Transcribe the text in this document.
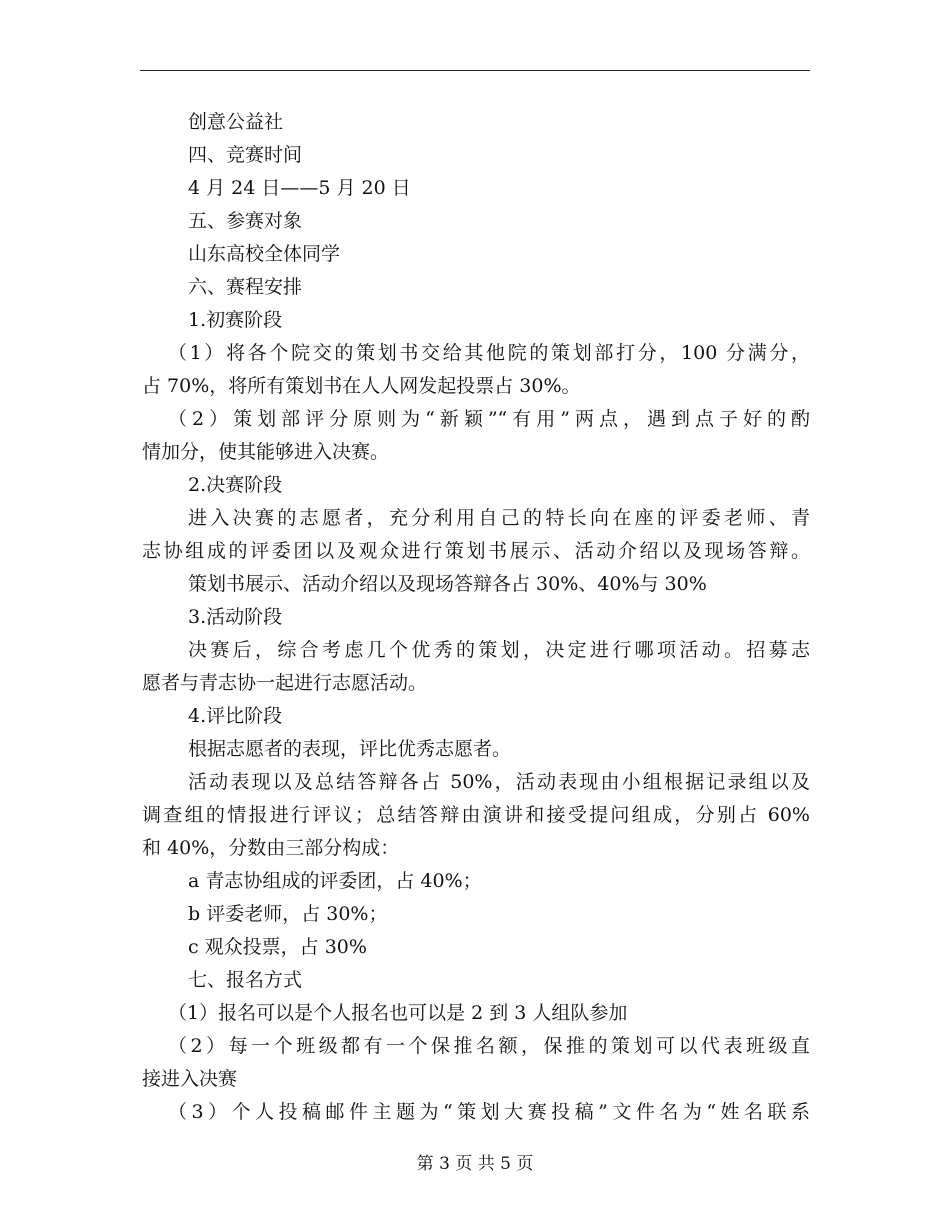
创意公益社
四、竞赛时间
4 月 24 日——5 月 20 日
五、参赛对象
山东高校全体同学
六、赛程安排
1.初赛阶段
（1）将各个院交的策划书交给其他院的策划部打分，100 分满分，
占 70%，将所有策划书在人人网发起投票占 30%。
（2）策划部评分原则为“新颖”“有用”两点，遇到点子好的酌
情加分，使其能够进入决赛。
2.决赛阶段
进入决赛的志愿者，充分利用自己的特长向在座的评委老师、青
志协组成的评委团以及观众进行策划书展示、活动介绍以及现场答辩。
策划书展示、活动介绍以及现场答辩各占 30%、40%与 30%
3.活动阶段
决赛后，综合考虑几个优秀的策划，决定进行哪项活动。招募志
愿者与青志协一起进行志愿活动。
4.评比阶段
根据志愿者的表现，评比优秀志愿者。
活动表现以及总结答辩各占 50%，活动表现由小组根据记录组以及
调查组的情报进行评议；总结答辩由演讲和接受提问组成，分别占 60%
和 40%，分数由三部分构成：
a 青志协组成的评委团，占 40%；
b 评委老师，占 30%；
c 观众投票，占 30%
七、报名方式
（1）报名可以是个人报名也可以是 2 到 3 人组队参加
（2）每一个班级都有一个保推名额，保推的策划可以代表班级直
接进入决赛
（3）个人投稿邮件主题为“策划大赛投稿”文件名为“姓名联系
第 3 页 共 5 页
